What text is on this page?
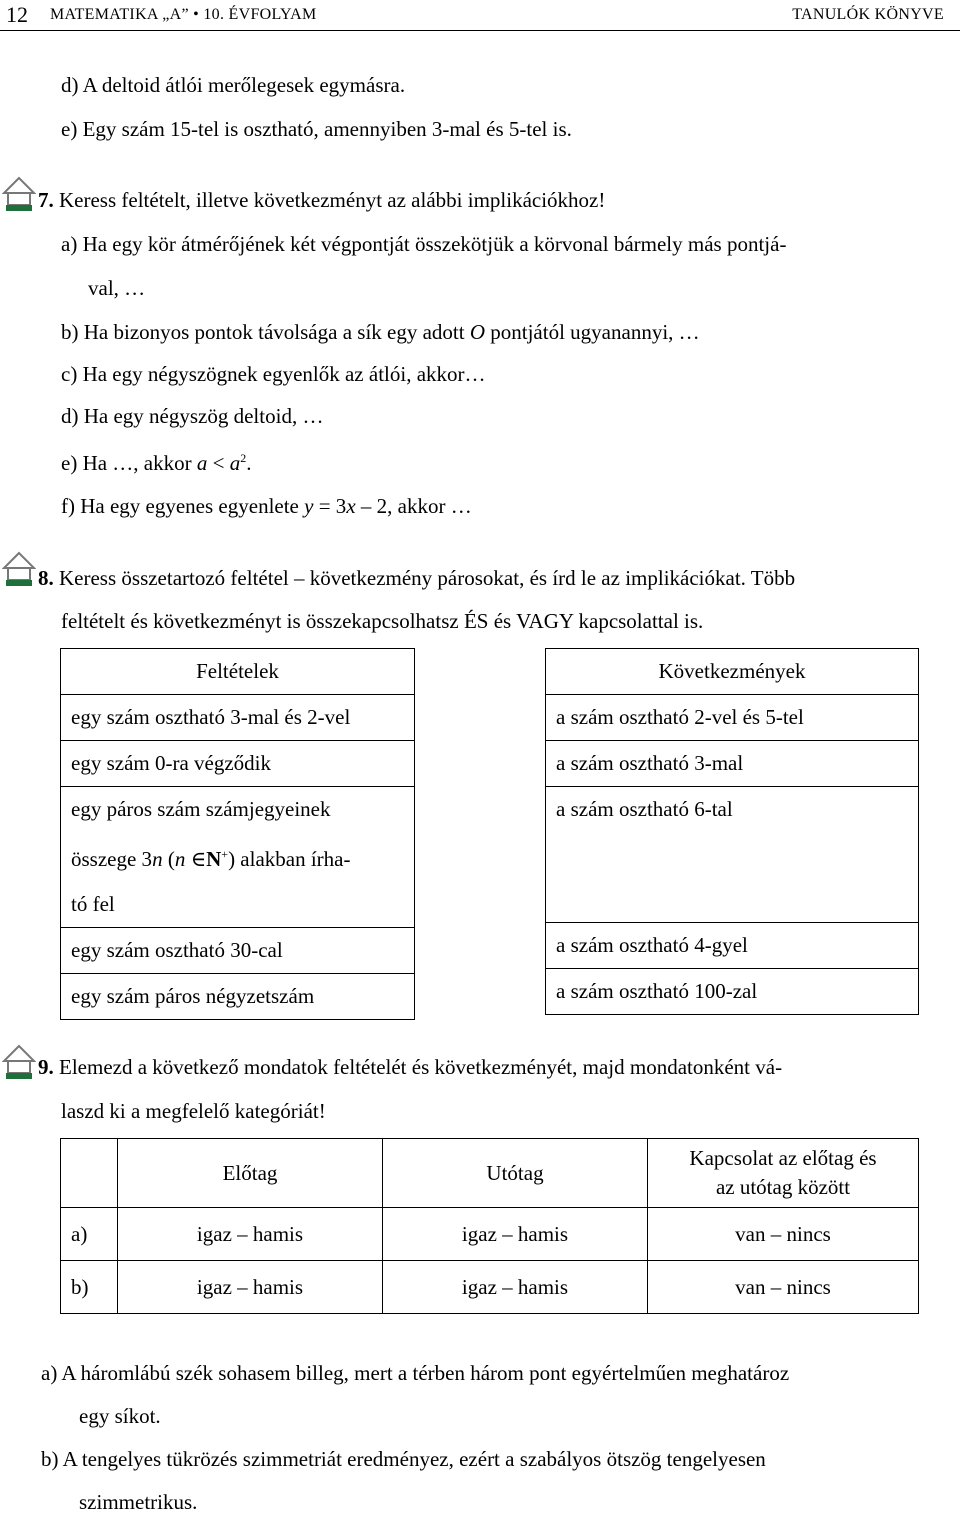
12 MATEMATIKA „A” • 10. ÉVFOLYAM	TANULÓK KÖNYVE
d) A deltoid átlói merőlegesek egymásra.
e) Egy szám 15-tel is osztható, amennyiben 3-mal és 5-tel is.
7. Keress feltételt, illetve következményt az alábbi implikációkhoz!
a) Ha egy kör átmérőjének két végpontját összekötjük a körvonal bármely más pontjá-
val, …
b) Ha bizonyos pontok távolsága a sík egy adott O pontjától ugyanannyi, …
c) Ha egy négyszögnek egyenlők az átlói, akkor…
d) Ha egy négyszög deltoid, …
e) Ha …, akkor $a < a^2$.
f) Ha egy egyenes egyenlete y = 3x – 2, akkor …
8. Keress összetartozó feltétel – következmény párosokat, és írd le az implikációkat. Több
feltételt és következményt is összekapcsolhatsz ÉS és VAGY kapcsolattal is.
Feltételek
egy szám osztható 3-mal és 2-vel
egy szám 0-ra végződik

egy páros szám számjegyeinek
összege 3n (n ∈N+) alakban írha-
tó fel

egy szám osztható 30-cal
egy szám páros négyzetszám
Következmények
a szám osztható 2-vel és 5-tel
a szám osztható 3-mal
a szám osztható 6-tal
a szám osztható 4-gyel
a szám osztható 100-zal
9. Elemezd a következő mondatok feltételét és következményét, majd mondatonként vá-
laszd ki a megfelelő kategóriát!
	Előtag	Utótag	Kapcsolat az előtag és
az utótag között

a)	igaz – hamis	igaz – hamis	van – nincs
b)	igaz – hamis	igaz – hamis	van – nincs
a) A háromlábú szék sohasem billeg, mert a térben három pont egyértelműen meghatároz
egy síkot.
b) A tengelyes tükrözés szimmetriát eredményez, ezért a szabályos ötszög tengelyesen
szimmetrikus.
